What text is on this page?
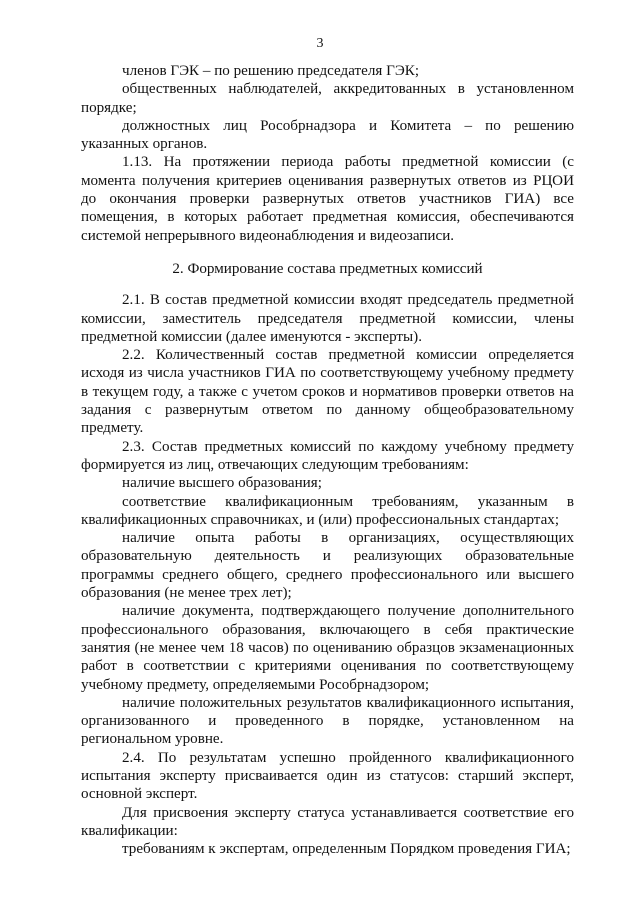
3

членов ГЭК – по решению председателя ГЭК;

общественных наблюдателей, аккредитованных в установленном порядке;

должностных лиц Рособрнадзора и Комитета – по решению указанных органов.

1.13. На протяжении периода работы предметной комиссии (с момента получения критериев оценивания развернутых ответов из РЦОИ до окончания проверки развернутых ответов участников ГИА) все помещения, в которых работает предметная комиссия, обеспечиваются системой непрерывного видеонаблюдения и видеозаписи.

2. Формирование состава предметных комиссий

2.1. В состав предметной комиссии входят председатель предметной комиссии, заместитель председателя предметной комиссии, члены предметной комиссии (далее именуются - эксперты).

2.2. Количественный состав предметной комиссии определяется исходя из числа участников ГИА по соответствующему учебному предмету в текущем году, а также с учетом сроков и нормативов проверки ответов на задания с развернутым ответом по данному общеобразовательному предмету.

2.3. Состав предметных комиссий по каждому учебному предмету формируется из лиц, отвечающих следующим требованиям:

наличие высшего образования;

соответствие квалификационным требованиям, указанным в квалификационных справочниках, и (или) профессиональных стандартах;

наличие опыта работы в организациях, осуществляющих образовательную деятельность и реализующих образовательные программы среднего общего, среднего профессионального или высшего образования (не менее трех лет);

наличие документа, подтверждающего получение дополнительного профессионального образования, включающего в себя практические занятия (не менее чем 18 часов) по оцениванию образцов экзаменационных работ в соответствии с критериями оценивания по соответствующему учебному предмету, определяемыми Рособрнадзором;

наличие положительных результатов квалификационного испытания, организованного и проведенного в порядке, установленном на региональном уровне.

2.4. По результатам успешно пройденного квалификационного испытания эксперту присваивается один из статусов: старший эксперт, основной эксперт.

Для присвоения эксперту статуса устанавливается соответствие его квалификации:

требованиям к экспертам, определенным Порядком проведения ГИА;
